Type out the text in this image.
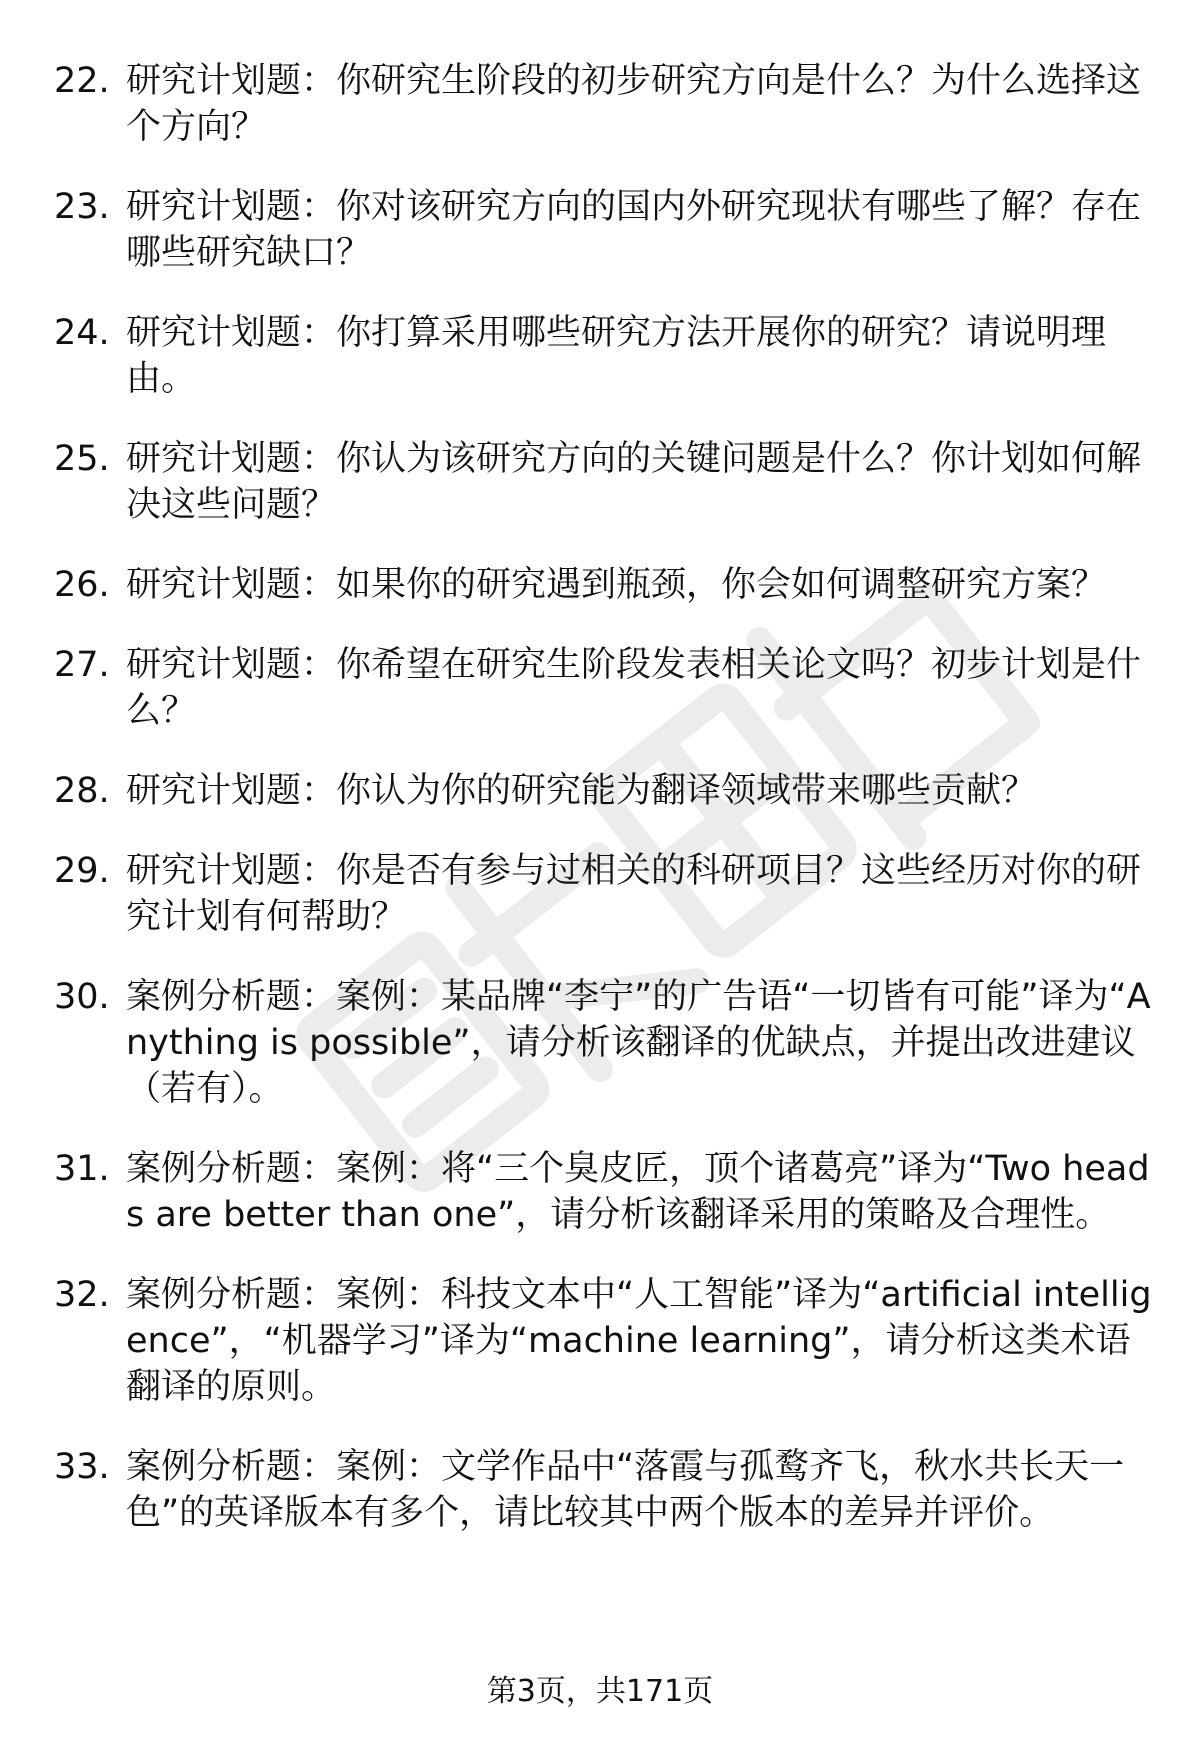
22. 研究计划题：你研究生阶段的初步研究方向是什么？为什么选择这个方向？
23. 研究计划题：你对该研究方向的国内外研究现状有哪些了解？存在哪些研究缺口？
24. 研究计划题：你打算采用哪些研究方法开展你的研究？请说明理由。
25. 研究计划题：你认为该研究方向的关键问题是什么？你计划如何解决这些问题？
26. 研究计划题：如果你的研究遇到瓶颈，你会如何调整研究方案？
27. 研究计划题：你希望在研究生阶段发表相关论文吗？初步计划是什么？
28. 研究计划题：你认为你的研究能为翻译领域带来哪些贡献？
29. 研究计划题：你是否有参与过相关的科研项目？这些经历对你的研究计划有何帮助？
30. 案例分析题：案例：某品牌“李宁”的广告语“一切皆有可能”译为“Anything is possible”，请分析该翻译的优缺点，并提出改进建议（若有）。
31. 案例分析题：案例：将“三个臭皮匠，顶个诸葛亮”译为“Two heads are better than one”，请分析该翻译采用的策略及合理性。
32. 案例分析题：案例：科技文本中“人工智能”译为“artificial intelligence”，“机器学习”译为“machine learning”，请分析这类术语翻译的原则。
33. 案例分析题：案例：文学作品中“落霞与孤鹜齐飞，秋水共长天一色”的英译版本有多个，请比较其中两个版本的差异并评价。
第3页，共171页
